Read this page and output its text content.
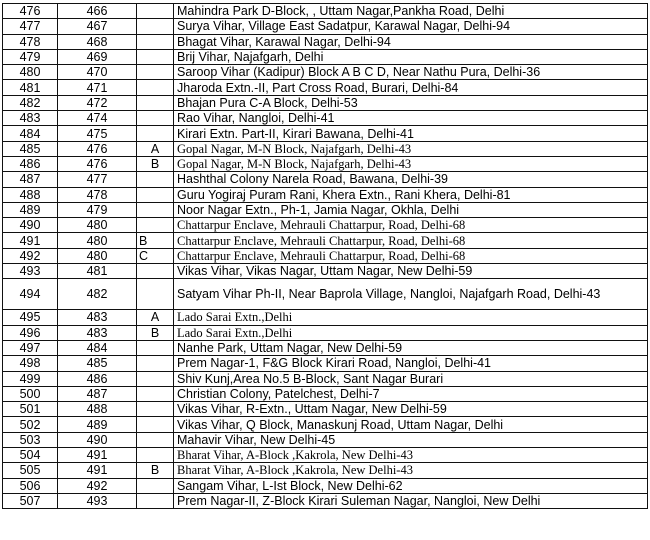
476	466		Mahindra Park D-Block, , Uttam Nagar,Pankha Road, Delhi
477	467		Surya Vihar, Village East Sadatpur, Karawal Nagar, Delhi-94
478	468		Bhagat Vihar, Karawal Nagar, Delhi-94
479	469		Brij Vihar, Najafgarh, Delhi
480	470		Saroop Vihar (Kadipur) Block A B C D, Near Nathu Pura, Delhi-36
481	471		Jharoda Extn.-II, Part Cross Road, Burari, Delhi-84
482	472		Bhajan Pura C-A Block, Delhi-53
483	474		Rao Vihar, Nangloi, Delhi-41
484	475		Kirari Extn. Part-II, Kirari Bawana, Delhi-41
485	476	A	Gopal Nagar, M-N Block, Najafgarh, Delhi-43
486	476	B	Gopal Nagar, M-N Block, Najafgarh, Delhi-43
487	477		Hashthal Colony Narela Road, Bawana, Delhi-39
488	478		Guru Yogiraj Puram Rani, Khera Extn., Rani Khera, Delhi-81
489	479		Noor Nagar Extn., Ph-1, Jamia Nagar, Okhla, Delhi
490	480		Chattarpur Enclave, Mehrauli Chattarpur, Road, Delhi-68
491	480	B	Chattarpur Enclave, Mehrauli Chattarpur, Road, Delhi-68
492	480	C	Chattarpur Enclave, Mehrauli Chattarpur, Road, Delhi-68
493	481		Vikas Vihar, Vikas Nagar, Uttam Nagar, New Delhi-59
494	482		Satyam Vihar Ph-II, Near Baprola Village, Nangloi, Najafgarh Road, Delhi-43
495	483	A	Lado Sarai Extn.,Delhi
496	483	B	Lado Sarai Extn.,Delhi
497	484		Nanhe Park, Uttam Nagar, New Delhi-59
498	485		Prem Nagar-1, F&G Block Kirari Road, Nangloi, Delhi-41
499	486		Shiv Kunj,Area No.5 B-Block, Sant Nagar Burari
500	487		Christian Colony, Patelchest, Delhi-7
501	488		Vikas Vihar, R-Extn., Uttam Nagar, New Delhi-59
502	489		Vikas Vihar, Q Block, Manaskunj Road, Uttam Nagar, Delhi
503	490		Mahavir Vihar, New Delhi-45
504	491		Bharat Vihar, A-Block ,Kakrola, New Delhi-43
505	491	B	Bharat Vihar, A-Block ,Kakrola, New Delhi-43
506	492		Sangam Vihar, L-Ist Block, New Delhi-62
507	493		Prem Nagar-II, Z-Block Kirari Suleman Nagar, Nangloi, New Delhi
